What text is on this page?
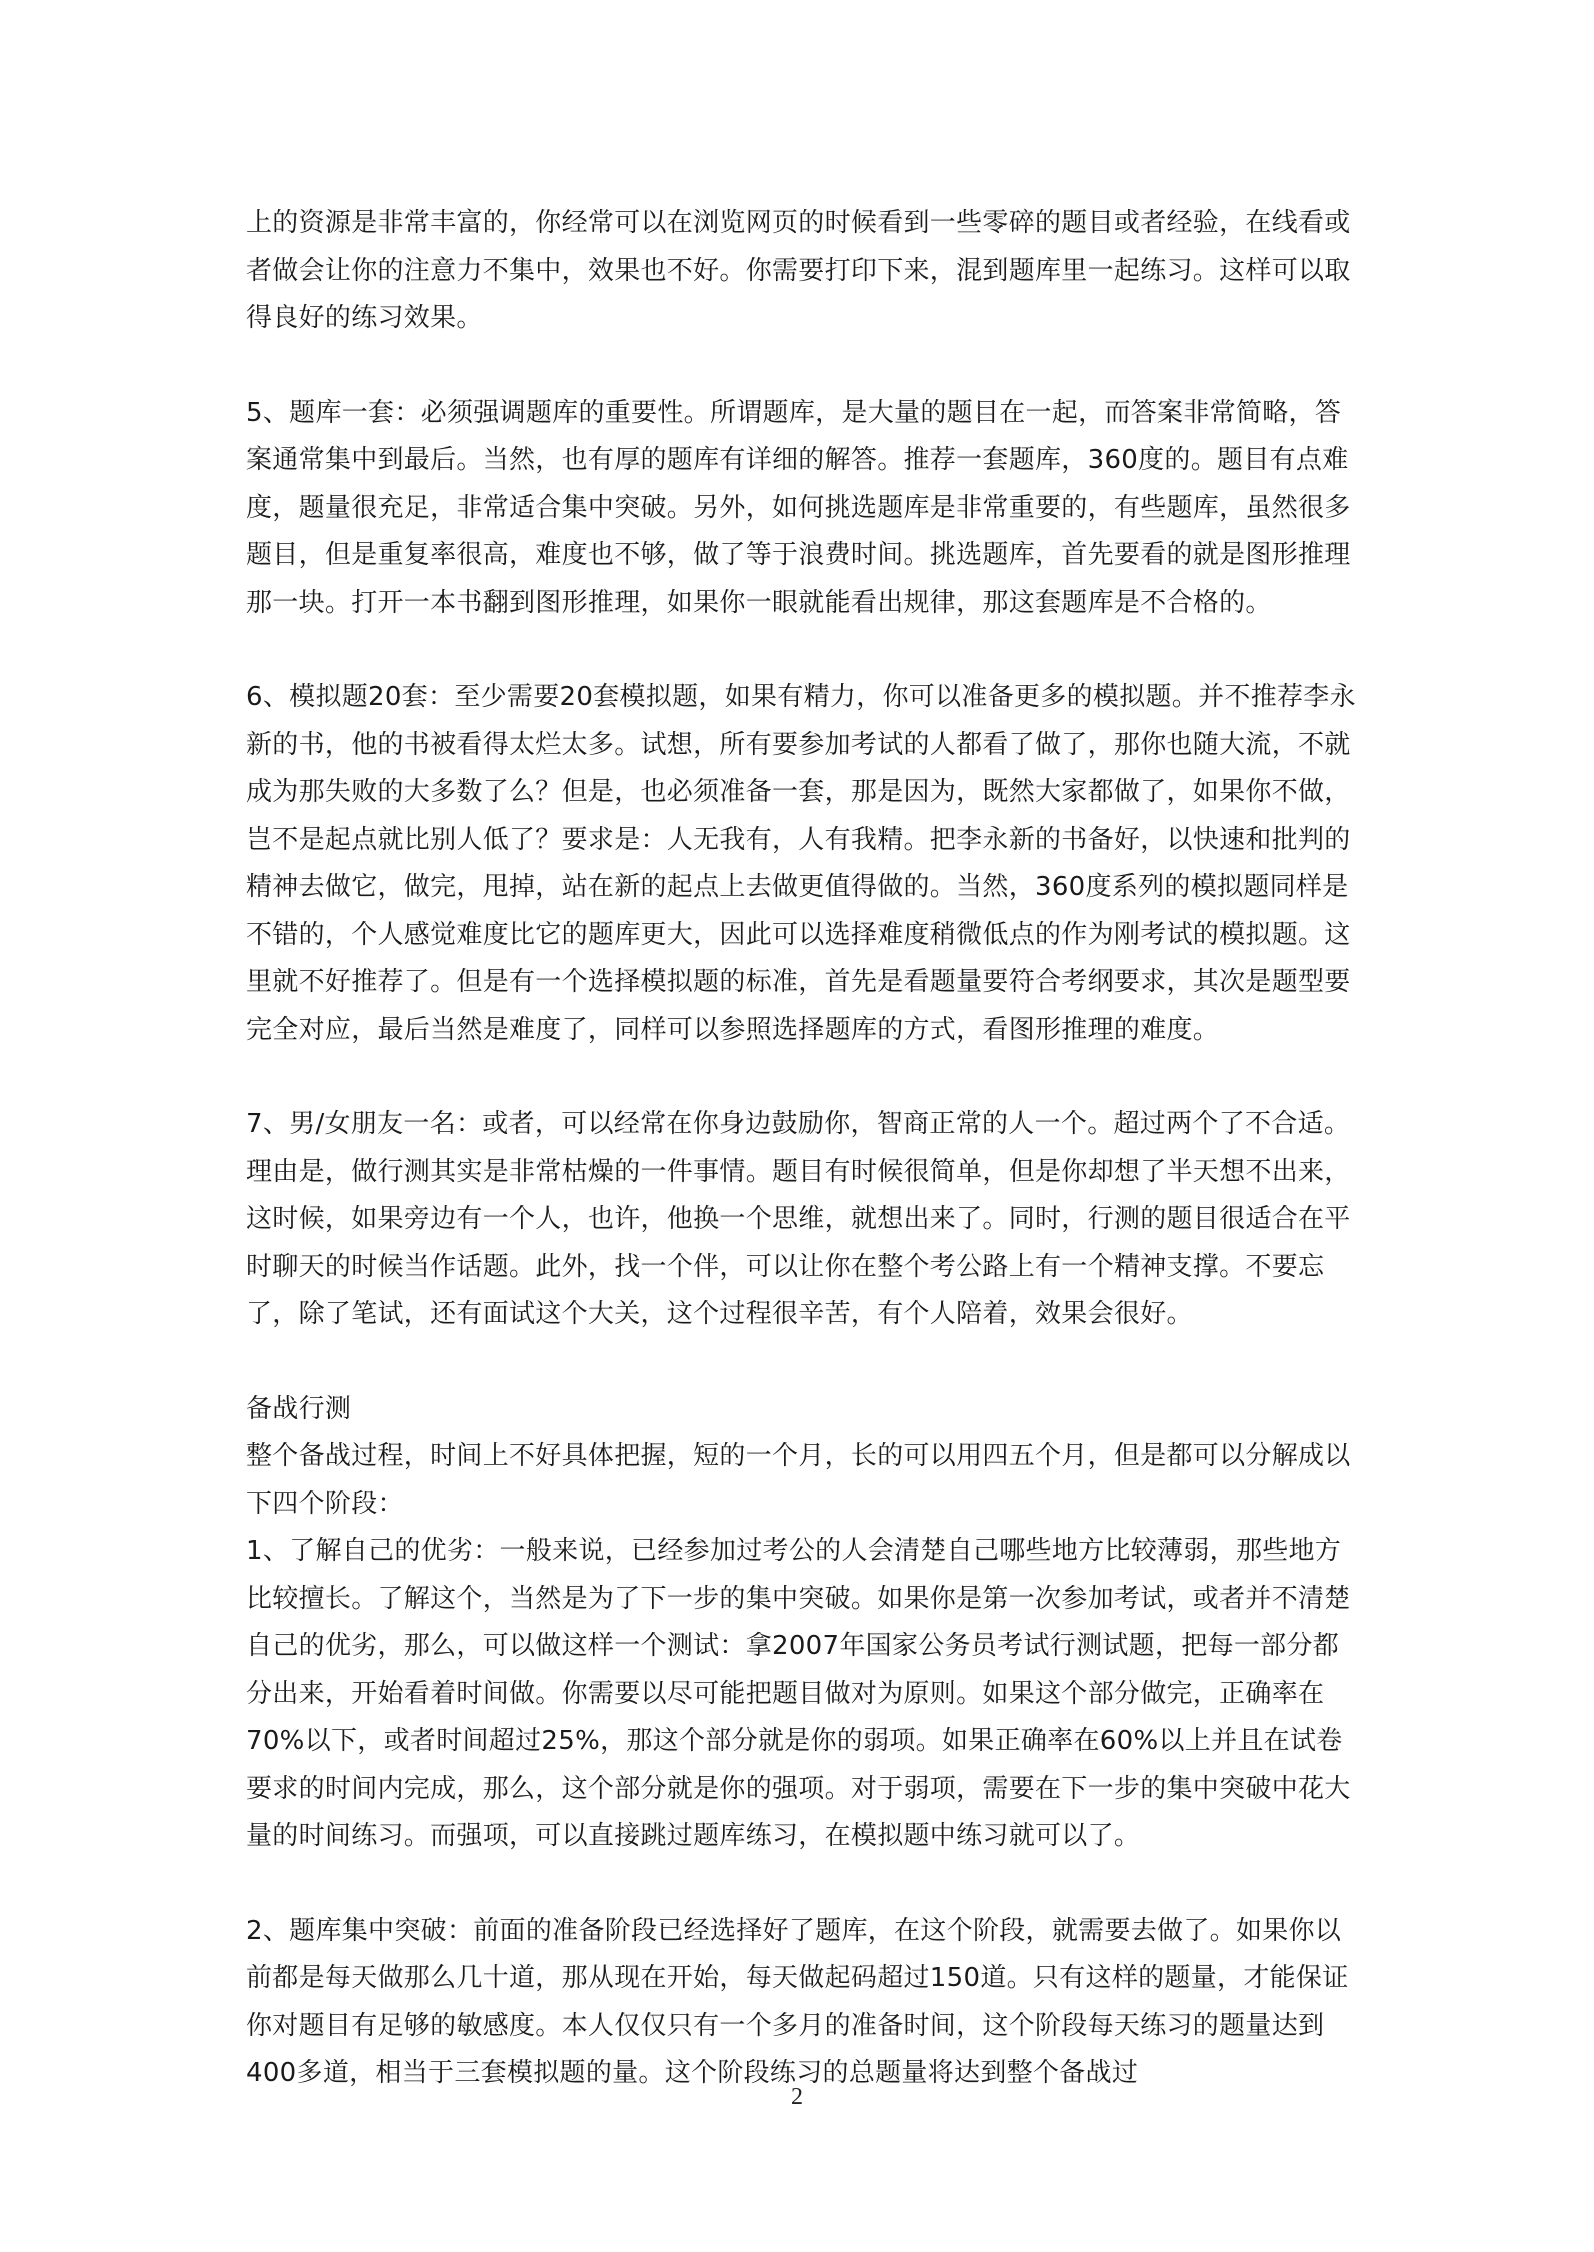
上的资源是非常丰富的，你经常可以在浏览网页的时候看到一些零碎的题目或者经验，在线看或者做会让你的注意力不集中，效果也不好。你需要打印下来，混到题库里一起练习。这样可以取得良好的练习效果。

5、题库一套：必须强调题库的重要性。所谓题库，是大量的题目在一起，而答案非常简略，答案通常集中到最后。当然，也有厚的题库有详细的解答。推荐一套题库，360度的。题目有点难度，题量很充足，非常适合集中突破。另外，如何挑选题库是非常重要的，有些题库，虽然很多题目，但是重复率很高，难度也不够，做了等于浪费时间。挑选题库，首先要看的就是图形推理那一块。打开一本书翻到图形推理，如果你一眼就能看出规律，那这套题库是不合格的。

6、模拟题20套：至少需要20套模拟题，如果有精力，你可以准备更多的模拟题。并不推荐李永新的书，他的书被看得太烂太多。试想，所有要参加考试的人都看了做了，那你也随大流，不就成为那失败的大多数了么？但是，也必须准备一套，那是因为，既然大家都做了，如果你不做，岂不是起点就比别人低了？要求是：人无我有，人有我精。把李永新的书备好，以快速和批判的精神去做它，做完，甩掉，站在新的起点上去做更值得做的。当然，360度系列的模拟题同样是不错的，个人感觉难度比它的题库更大，因此可以选择难度稍微低点的作为刚考试的模拟题。这里就不好推荐了。但是有一个选择模拟题的标准，首先是看题量要符合考纲要求，其次是题型要完全对应，最后当然是难度了，同样可以参照选择题库的方式，看图形推理的难度。

7、男/女朋友一名：或者，可以经常在你身边鼓励你，智商正常的人一个。超过两个了不合适。理由是，做行测其实是非常枯燥的一件事情。题目有时候很简单，但是你却想了半天想不出来，这时候，如果旁边有一个人，也许，他换一个思维，就想出来了。同时，行测的题目很适合在平时聊天的时候当作话题。此外，找一个伴，可以让你在整个考公路上有一个精神支撑。不要忘了，除了笔试，还有面试这个大关，这个过程很辛苦，有个人陪着，效果会很好。

备战行测

整个备战过程，时间上不好具体把握，短的一个月，长的可以用四五个月，但是都可以分解成以下四个阶段：

1、了解自己的优劣：一般来说，已经参加过考公的人会清楚自己哪些地方比较薄弱，那些地方比较擅长。了解这个，当然是为了下一步的集中突破。如果你是第一次参加考试，或者并不清楚自己的优劣，那么，可以做这样一个测试：拿2007年国家公务员考试行测试题，把每一部分都分出来，开始看着时间做。你需要以尽可能把题目做对为原则。如果这个部分做完，正确率在70%以下，或者时间超过25%，那这个部分就是你的弱项。如果正确率在60%以上并且在试卷要求的时间内完成，那么，这个部分就是你的强项。对于弱项，需要在下一步的集中突破中花大量的时间练习。而强项，可以直接跳过题库练习，在模拟题中练习就可以了。

2、题库集中突破：前面的准备阶段已经选择好了题库，在这个阶段，就需要去做了。如果你以前都是每天做那么几十道，那从现在开始，每天做起码超过150道。只有这样的题量，才能保证你对题目有足够的敏感度。本人仅仅只有一个多月的准备时间，这个阶段每天练习的题量达到400多道，相当于三套模拟题的量。这个阶段练习的总题量将达到整个备战过

2
